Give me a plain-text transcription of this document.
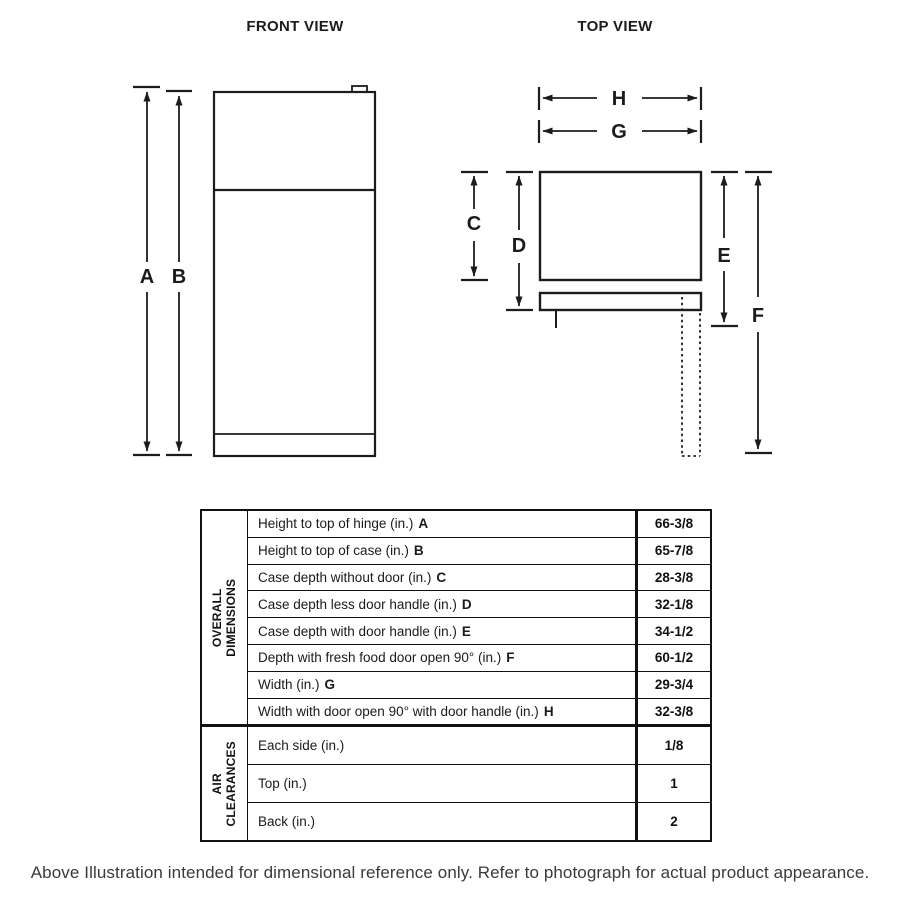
FRONT VIEW	TOP VIEW
A B
H
G
C
D	E
F
OVERALL DIMENSIONS
Height to top of hinge (in.) A	66-3/8
Height to top of case (in.) B	65-7/8
Case depth without door (in.) C	28-3/8
Case depth less door handle (in.) D	32-1/8
Case depth with door handle (in.) E	34-1/2
Depth with fresh food door open 90° (in.) F	60-1/2
Width (in.) G	29-3/4
Width with door open 90° with door handle (in.) H	32-3/8
AIR CLEARANCES Each side (in.)	1/8
Top (in.)	1
Back (in.)	2
Above Illustration intended for dimensional reference only. Refer to photograph for actual product appearance.
